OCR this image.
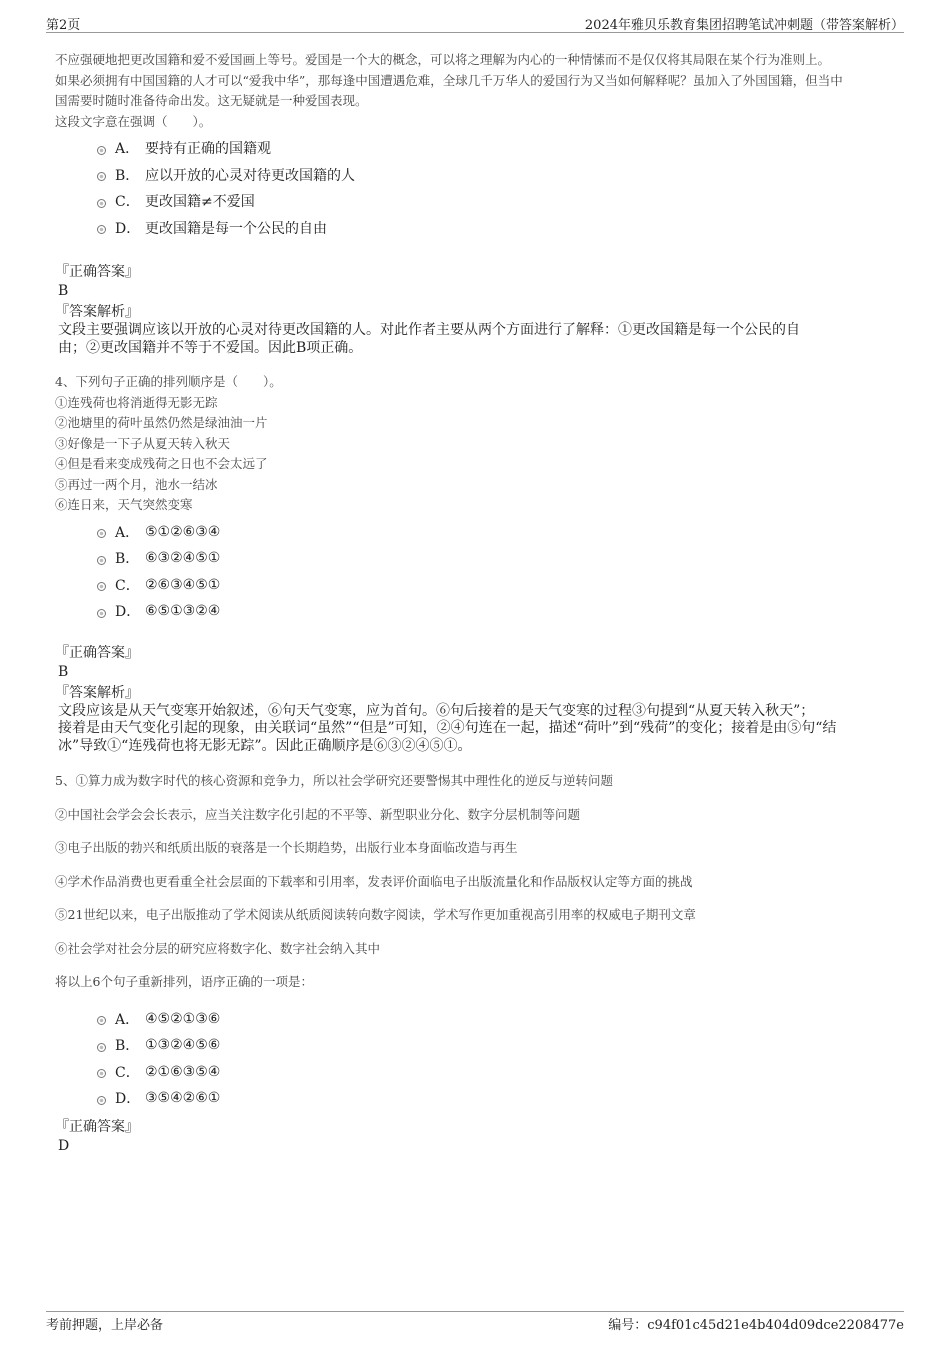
第2页	2024年雅贝乐教育集团招聘笔试冲刺题（带答案解析）

不应强硬地把更改国籍和爱不爱国画上等号。爱国是一个大的概念，可以将之理解为内心的一种情愫而不是仅仅将其局限在某个行为准则上。

如果必须拥有中国国籍的人才可以“爱我中华”，那每逢中国遭遇危难，全球几千万华人的爱国行为又当如何解释呢？虽加入了外国国籍，但当中

国需要时随时准备待命出发。这无疑就是一种爱国表现。

这段文字意在强调（　　）。

A． 要持有正确的国籍观
B． 应以开放的心灵对待更改国籍的人
C． 更改国籍≠不爱国
D． 更改国籍是每一个公民的自由
『正确答案』
B
『答案解析』
文段主要强调应该以开放的心灵对待更改国籍的人。对此作者主要从两个方面进行了解释：①更改国籍是每一个公民的自
由；②更改国籍并不等于不爱国。因此B项正确。

4、下列句子正确的排列顺序是（　　）。

①连残荷也将消逝得无影无踪

②池塘里的荷叶虽然仍然是绿油油一片

③好像是一下子从夏天转入秋天

④但是看来变成残荷之日也不会太远了

⑤再过一两个月，池水一结冰

⑥连日来，天气突然变寒

A． ⑤①②⑥③④
B． ⑥③②④⑤①
C． ②⑥③④⑤①
D． ⑥⑤①③②④
『正确答案』
B
『答案解析』
文段应该是从天气变寒开始叙述，⑥句天气变寒，应为首句。⑥句后接着的是天气变寒的过程③句提到“从夏天转入秋天”；
接着是由天气变化引起的现象，由关联词“虽然”“但是”可知，②④句连在一起，描述“荷叶”到“残荷”的变化；接着是由⑤句“结
冰”导致①“连残荷也将无影无踪”。因此正确顺序是⑥③②④⑤①。

5、①算力成为数字时代的核心资源和竞争力，所以社会学研究还要警惕其中理性化的逆反与逆转问题

②中国社会学会会长表示，应当关注数字化引起的不平等、新型职业分化、数字分层机制等问题

③电子出版的勃兴和纸质出版的衰落是一个长期趋势，出版行业本身面临改造与再生

④学术作品消费也更看重全社会层面的下载率和引用率，发表评价面临电子出版流量化和作品版权认定等方面的挑战

⑤21世纪以来，电子出版推动了学术阅读从纸质阅读转向数字阅读，学术写作更加重视高引用率的权威电子期刊文章

⑥社会学对社会分层的研究应将数字化、数字社会纳入其中

将以上6个句子重新排列，语序正确的一项是：

A． ④⑤②①③⑥
B． ①③②④⑤⑥
C． ②①⑥③⑤④
D． ③⑤④②⑥①
『正确答案』
D
考前押题，上岸必备	编号：c94f01c45d21e4b404d09dce2208477e
